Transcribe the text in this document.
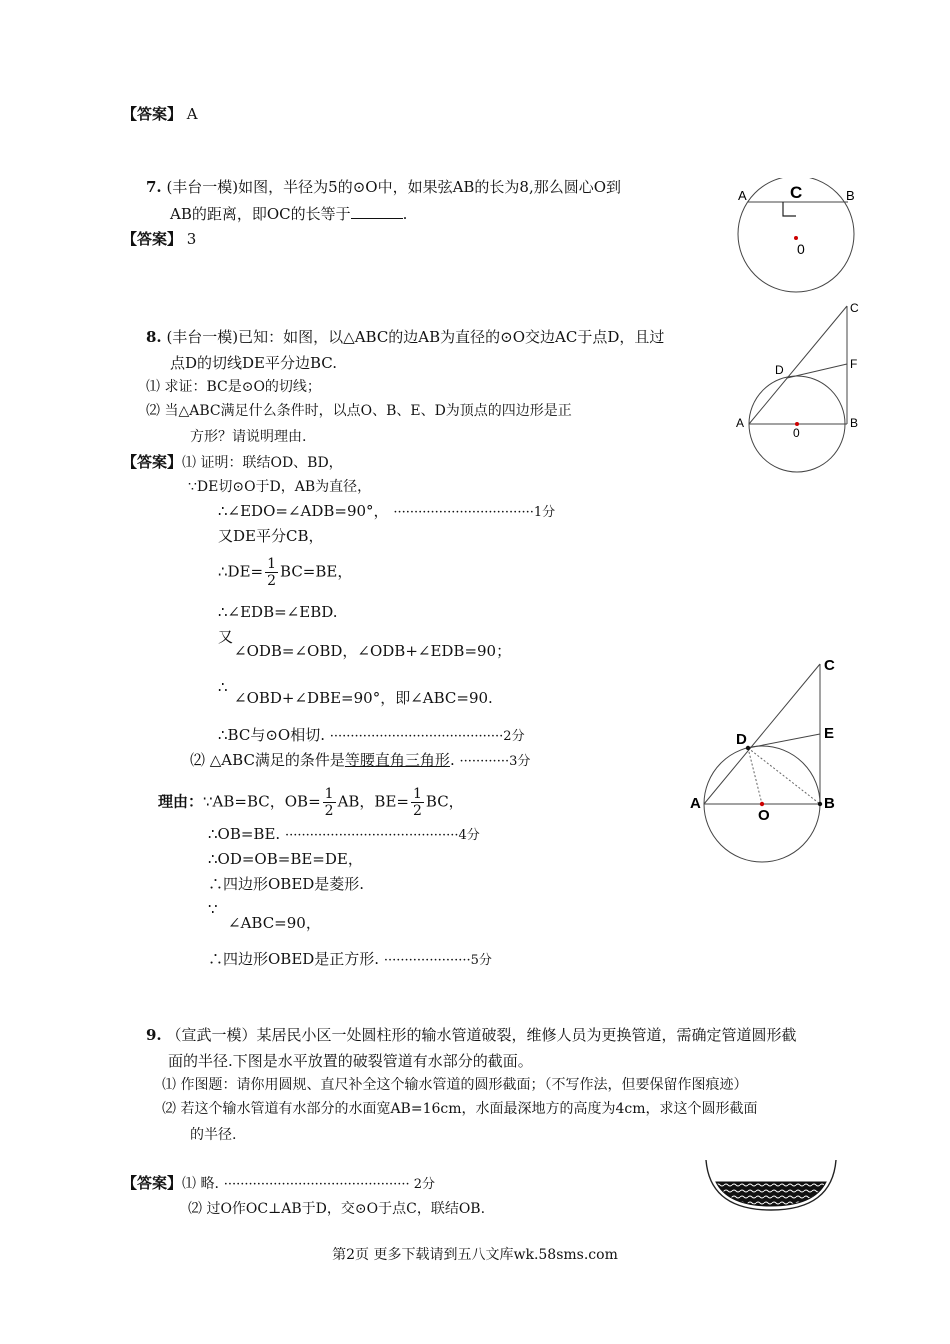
【答案】 A
7. (丰台一模)如图，半径为5的⊙O中，如果弦AB的长为8,那么圆心O到
AB的距离，即OC的长等于	.
【答案】 3
A	B
C
0
8. (丰台一模)已知：如图，以△ABC的边AB为直径的⊙O交边AC于点D，且过
点D的切线DE平分边BC.
⑴ 求证：BC是⊙O的切线；
⑵ 当△ABC满足什么条件时，以点O、B、E、D为顶点的四边形是正
方形？请说明理由.
C
F
D
A
0
B
【答案】⑴ 证明：联结OD、BD，
∵DE切⊙O于D，AB为直径，
∴∠EDO=∠ADB=90°， ··································1分
又DE平分CB，
∴DE= $\frac{1}{2} BC=BE$，
∴∠EDB=∠EBD.
又
∠ODB=∠OBD，∠ODB+∠EDB=90；
∴
∠OBD+∠DBE=90°，即∠ABC=90.
∴BC与⊙O相切. ··········································2分
⑵ △ABC满足的条件是等腰直角三角形. ············3分
理由：∵AB=BC，$OB= \frac{1}{2}$ AB，$BE= \frac{1}{2}$ BC，
∴OB=BE. ··········································4分
∴OD=OB=BE=DE，
∴四边形OBED是菱形.
∵
∠ABC=90，
∴四边形OBED是正方形. ·····················5分
C
E
D
A
O
B
9. （宣武一模）某居民小区一处圆柱形的输水管道破裂，维修人员为更换管道，需确定管道圆形截
面的半径.下图是水平放置的破裂管道有水部分的截面。
⑴ 作图题：请你用圆规、直尺补全这个输水管道的圆形截面；（不写作法，但要保留作图痕迹）
⑵ 若这个输水管道有水部分的水面宽AB=16cm，水面最深地方的高度为4cm，求这个圆形截面
的半径.
【答案】⑴ 略. ············································· 2分
⑵ 过O作OC⊥AB于D，交⊙O于点C，联结OB.
第2页 更多下载请到五八文库wk.58sms.com
